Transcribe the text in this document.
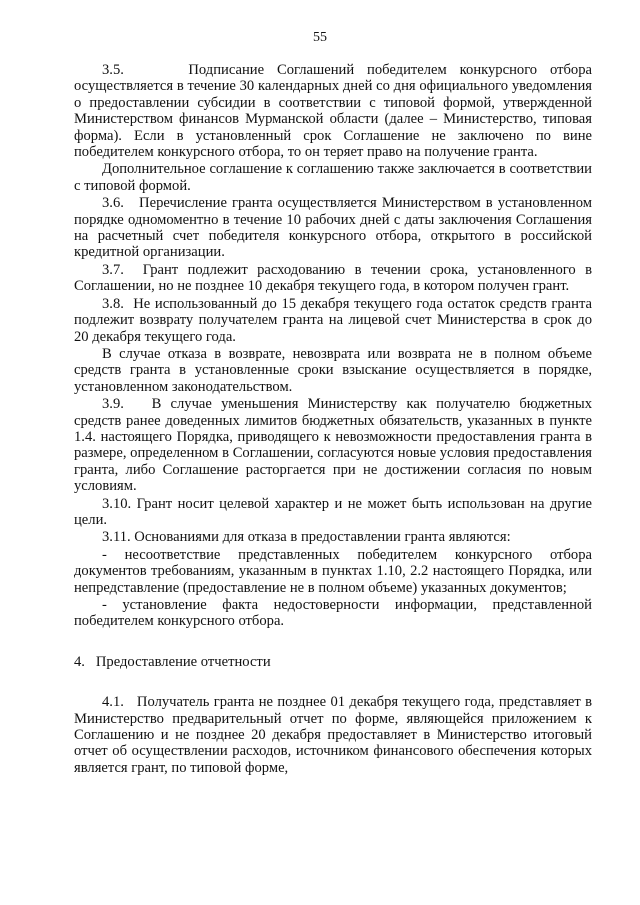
55

3.5.     Подписание Соглашений победителем конкурсного отбора осуществляется в течение 30 календарных дней со дня официального уведомления о предоставлении субсидии в соответствии с типовой формой, утвержденной Министерством финансов Мурманской области (далее – Министерство, типовая форма). Если в установленный срок Соглашение не заключено по вине победителем конкурсного отбора, то он теряет право на получение гранта.

Дополнительное соглашение к соглашению также заключается в соответствии с типовой формой.

3.6.   Перечисление гранта осуществляется Министерством в установленном порядке одномоментно в течение 10 рабочих дней с даты заключения Соглашения на расчетный счет победителя конкурсного отбора, открытого в российской кредитной организации.

3.7.  Грант подлежит расходованию в течении срока, установленного в Соглашении, но не позднее 10 декабря текущего года, в котором получен грант.

3.8.  Не использованный до 15 декабря текущего года остаток средств гранта подлежит возврату получателем гранта на лицевой счет Министерства в срок до 20 декабря текущего года.

В случае отказа в возврате, невозврата или возврата не в полном объеме средств гранта в установленные сроки взыскание осуществляется в порядке, установленном законодательством.

3.9.   В случае уменьшения Министерству как получателю бюджетных средств ранее доведенных лимитов бюджетных обязательств, указанных в пункте 1.4. настоящего Порядка, приводящего к невозможности предоставления гранта в размере, определенном в Соглашении, согласуются новые условия предоставления гранта, либо Соглашение расторгается при не достижении согласия по новым условиям.

3.10. Грант носит целевой характер и не может быть использован на другие цели.

3.11. Основаниями для отказа в предоставлении гранта являются:

- несоответствие представленных победителем конкурсного отбора документов требованиям, указанным в пунктах 1.10, 2.2 настоящего Порядка, или непредставление (предоставление не в полном объеме) указанных документов;

- установление факта недостоверности информации, представленной победителем конкурсного отбора.

4.   Предоставление отчетности

4.1.   Получатель гранта не позднее 01 декабря текущего года, представляет в Министерство предварительный отчет по форме, являющейся приложением к Соглашению и не позднее 20 декабря предоставляет в Министерство итоговый отчет об осуществлении расходов, источником финансового обеспечения которых является грант, по типовой форме,
